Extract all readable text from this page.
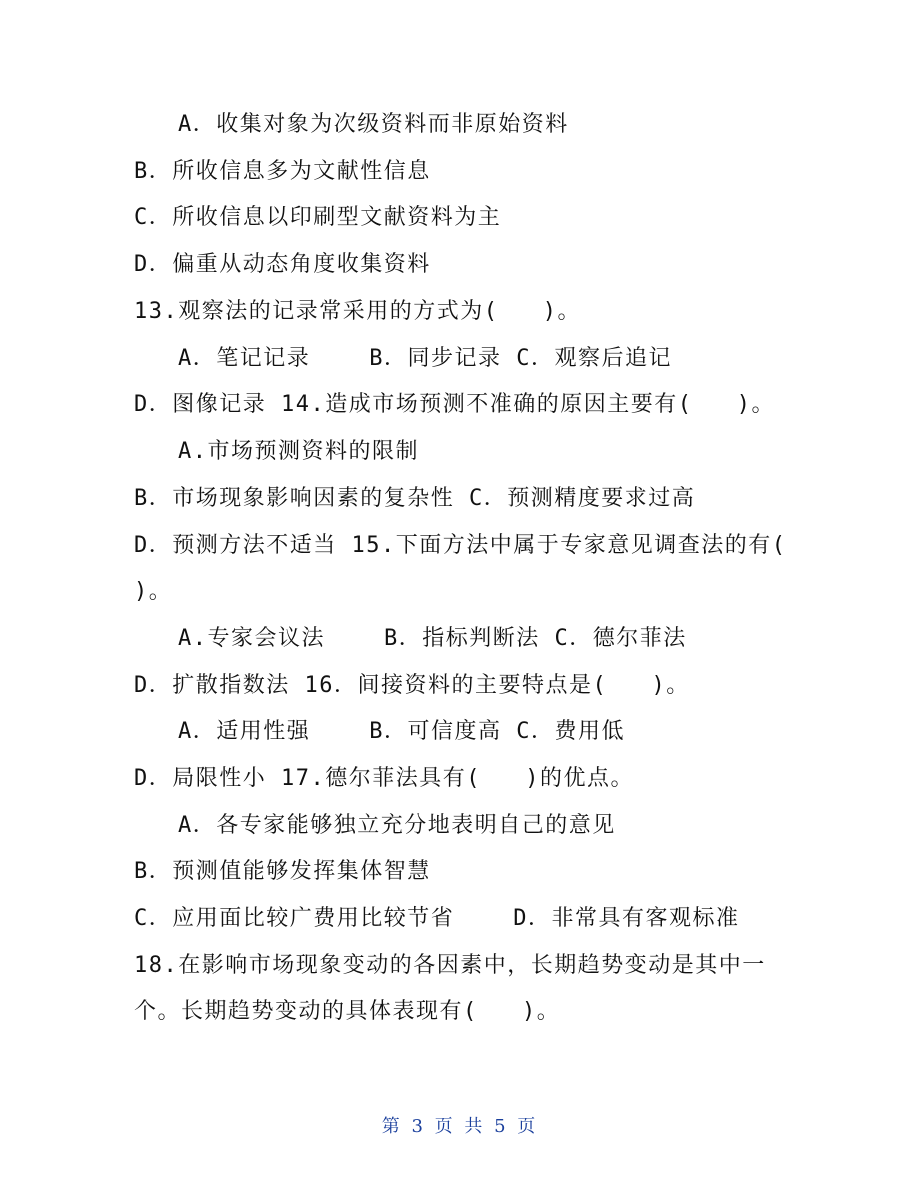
A．收集对象为次级资料而非原始资料
B．所收信息多为文献性信息
C．所收信息以印刷型文献资料为主
D．偏重从动态角度收集资料
13.观察法的记录常采用的方式为(   )。
A．笔记记录    B．同步记录 C．观察后追记
D．图像记录 14.造成市场预测不准确的原因主要有(   )。
A.市场预测资料的限制
B．市场现象影响因素的复杂性 C．预测精度要求过高
D．预测方法不适当 15.下面方法中属于专家意见调查法的有(
)。
A.专家会议法    B．指标判断法 C．德尔菲法
D．扩散指数法 16．间接资料的主要特点是(   )。
A．适用性强    B．可信度高 C．费用低
D．局限性小 17.德尔菲法具有(   )的优点。
A．各专家能够独立充分地表明自己的意见
B．预测值能够发挥集体智慧
C．应用面比较广费用比较节省    D．非常具有客观标准
18.在影响市场现象变动的各因素中，长期趋势变动是其中一
个。长期趋势变动的具体表现有(   )。
第 3 页 共 5 页
